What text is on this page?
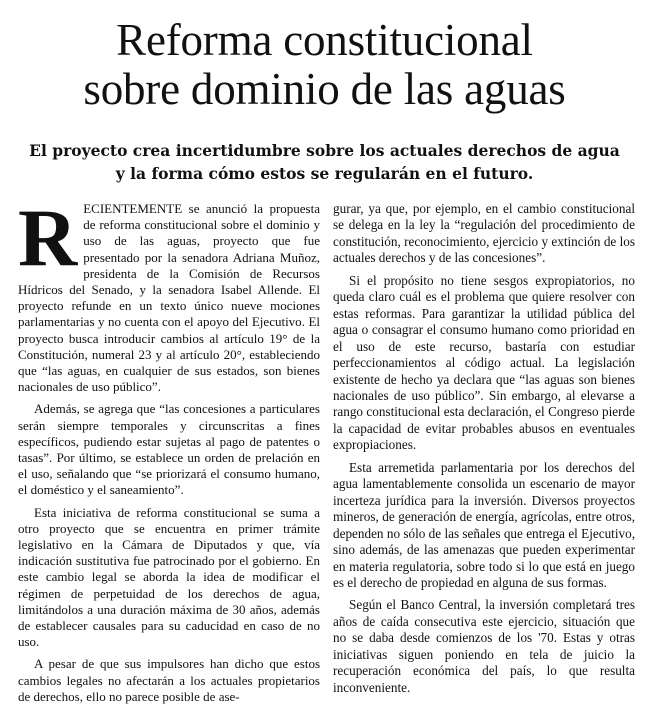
Reforma constitucional
sobre dominio de las aguas
El proyecto crea incertidumbre sobre los actuales derechos de agua
y la forma cómo estos se regularán en el futuro.

RECIENTEMENTE se anunció la propuesta de reforma constitucional sobre el dominio y uso de las aguas, proyecto que fue presentado por la senadora Adriana Muñoz, presidenta de la Comisión de Recursos Hídricos del Senado, y la senadora Isabel Allende. El proyecto refunde en un texto único nueve mociones parlamentarias y no cuenta con el apoyo del Ejecutivo. El proyecto busca introducir cambios al artículo 19° de la Constitución, numeral 23 y al artículo 20°, estableciendo que “las aguas, en cualquier de sus estados, son bienes nacionales de uso público”.

Además, se agrega que “las concesiones a particulares serán siempre temporales y circunscritas a fines específicos, pudiendo estar sujetas al pago de patentes o tasas”. Por último, se establece un orden de prelación en el uso, señalando que “se priorizará el consumo humano, el doméstico y el saneamiento”.

Esta iniciativa de reforma constitucional se suma a otro proyecto que se encuentra en primer trámite legislativo en la Cámara de Diputados y que, vía indicación sustitutiva fue patrocinado por el gobierno. En este cambio legal se aborda la idea de modificar el régimen de perpetuidad de los derechos de agua, limitándolos a una duración máxima de 30 años, además de establecer causales para su caducidad en caso de no uso.

A pesar de que sus impulsores han dicho que estos cambios legales no afectarán a los actuales propietarios de derechos, ello no parece posible de ase-

gurar, ya que, por ejemplo, en el cambio constitucional se delega en la ley la “regulación del procedimiento de constitución, reconocimiento, ejercicio y extinción de los actuales derechos y de las concesiones”.

Si el propósito no tiene sesgos expropiatorios, no queda claro cuál es el problema que quiere resolver con estas reformas. Para garantizar la utilidad pública del agua o consagrar el consumo humano como prioridad en el uso de este recurso, bastaría con estudiar perfeccionamientos al código actual. La legislación existente de hecho ya declara que “las aguas son bienes nacionales de uso público”. Sin embargo, al elevarse a rango constitucional esta declaración, el Congreso pierde la capacidad de evitar probables abusos en eventuales expropiaciones.

Esta arremetida parlamentaria por los derechos del agua lamentablemente consolida un escenario de mayor incerteza jurídica para la inversión. Diversos proyectos mineros, de generación de energía, agrícolas, entre otros, dependen no sólo de las señales que entrega el Ejecutivo, sino además, de las amenazas que pueden experimentar en materia regulatoria, sobre todo si lo que está en juego es el derecho de propiedad en alguna de sus formas.

Según el Banco Central, la inversión completará tres años de caída consecutiva este ejercicio, situación que no se daba desde comienzos de los '70. Estas y otras iniciativas siguen poniendo en tela de juicio la recuperación económica del país, lo que resulta inconveniente.
